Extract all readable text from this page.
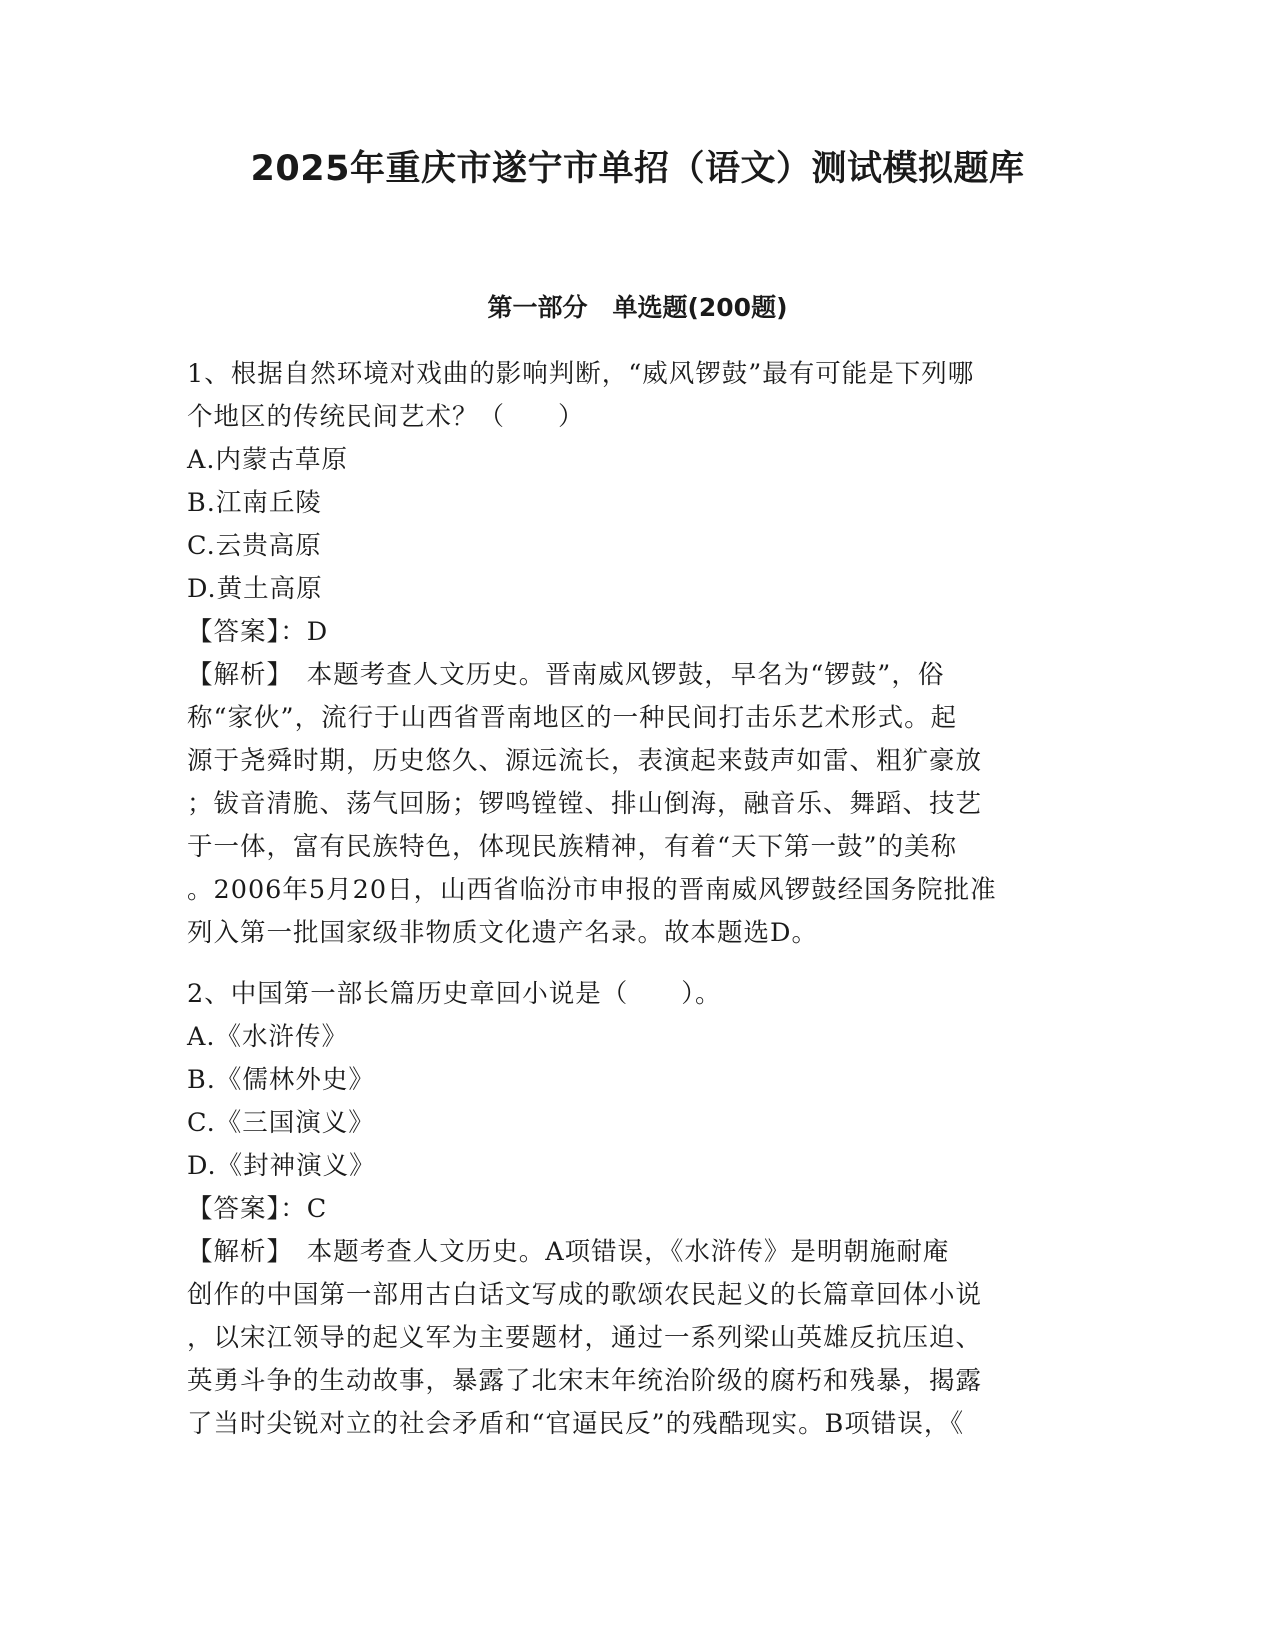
2025年重庆市遂宁市单招（语文）测试模拟题库
第一部分　单选题(200题)
1、根据自然环境对戏曲的影响判断，“威风锣鼓”最有可能是下列哪
个地区的传统民间艺术？（　　）
A.内蒙古草原
B.江南丘陵
C.云贵高原
D.黄土高原
【答案】：D
【解析】　本题考查人文历史。晋南威风锣鼓，早名为“锣鼓”，俗
称“家伙”，流行于山西省晋南地区的一种民间打击乐艺术形式。起
源于尧舜时期，历史悠久、源远流长，表演起来鼓声如雷、粗犷豪放
；钹音清脆、荡气回肠；锣鸣镗镗、排山倒海，融音乐、舞蹈、技艺
于一体，富有民族特色，体现民族精神，有着“天下第一鼓”的美称
。2006年5月20日，山西省临汾市申报的晋南威风锣鼓经国务院批准
列入第一批国家级非物质文化遗产名录。故本题选D。
2、中国第一部长篇历史章回小说是（　　）。
A.《水浒传》
B.《儒林外史》
C.《三国演义》
D.《封神演义》
【答案】：C
【解析】　本题考查人文历史。A项错误，《水浒传》是明朝施耐庵
创作的中国第一部用古白话文写成的歌颂农民起义的长篇章回体小说
，以宋江领导的起义军为主要题材，通过一系列梁山英雄反抗压迫、
英勇斗争的生动故事，暴露了北宋末年统治阶级的腐朽和残暴，揭露
了当时尖锐对立的社会矛盾和“官逼民反”的残酷现实。B项错误，《
